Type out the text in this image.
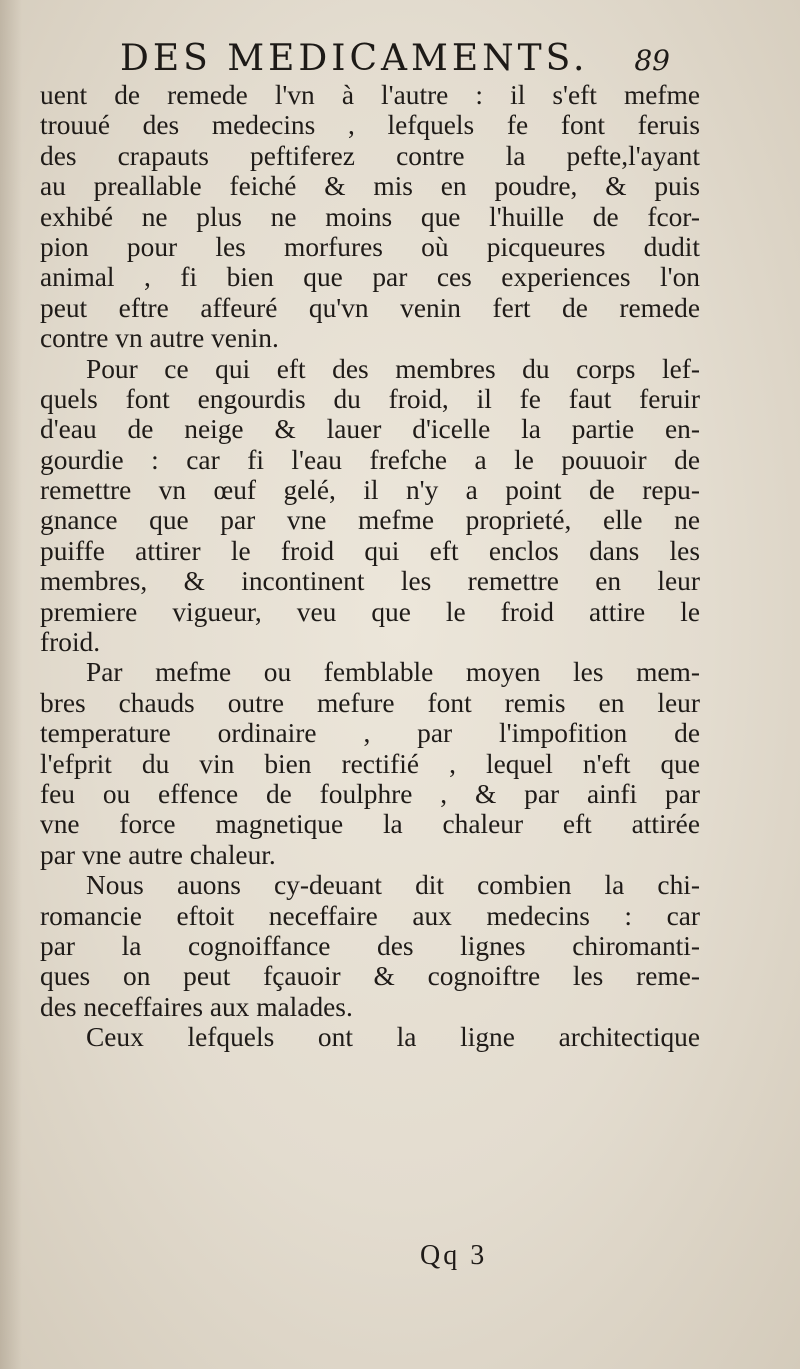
DES MEDICAMENTS. 89
uent de remede l'vn à l'autre : il s'eft mefme
trouué des medecins , lefquels fe font feruis
des crapauts peftiferez contre la pefte,l'ayant
au preallable feiché & mis en poudre, & puis
exhibé ne plus ne moins que l'huille de fcor-
pion pour les morfures où picqueures dudit
animal , fi bien que par ces experiences l'on
peut eftre affeuré qu'vn venin fert de remede
contre vn autre venin.
Pour ce qui eft des membres du corps lef-
quels font engourdis du froid, il fe faut feruir
d'eau de neige & lauer d'icelle la partie en-
gourdie : car fi l'eau frefche a le pouuoir de
remettre vn œuf gelé, il n'y a point de repu-
gnance que par vne mefme proprieté, elle ne
puiffe attirer le froid qui eft enclos dans les
membres, & incontinent les remettre en leur
premiere vigueur, veu que le froid attire le
froid.
Par mefme ou femblable moyen les mem-
bres chauds outre mefure font remis en leur
temperature ordinaire , par l'impofition de
l'efprit du vin bien rectifié , lequel n'eft que
feu ou effence de foulphre , & par ainfi par
vne force magnetique la chaleur eft attirée
par vne autre chaleur.
Nous auons cy-deuant dit combien la chi-
romancie eftoit neceffaire aux medecins : car
par la cognoiffance des lignes chiromanti-
ques on peut fçauoir & cognoiftre les reme-
des neceffaires aux malades.
Ceux lefquels ont la ligne architectique
Qq 3
